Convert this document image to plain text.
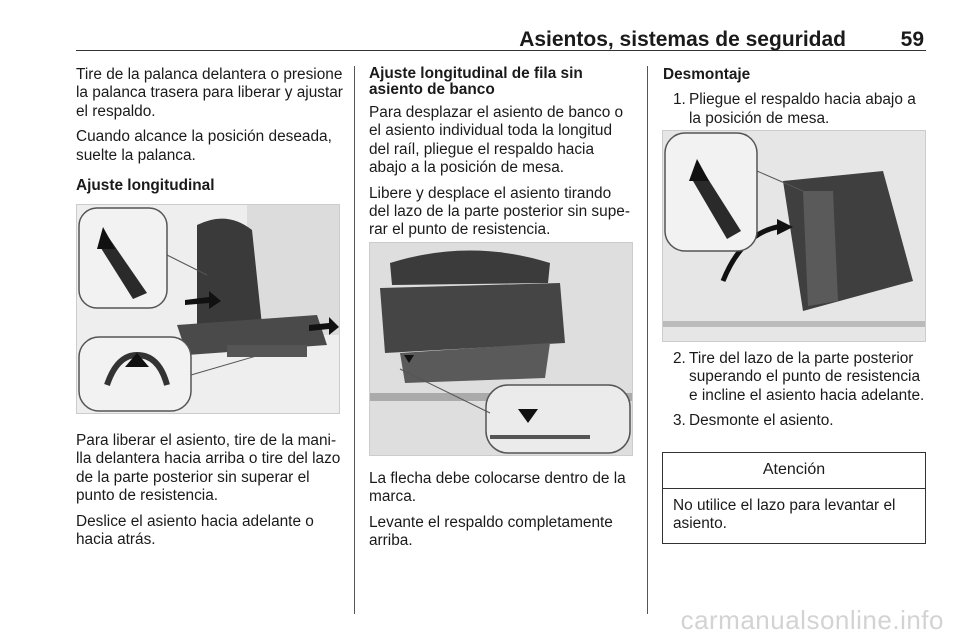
Asientos, sistemas de seguridad	59

Tire de la palanca delantera o presione la palanca trasera para liberar y ajustar el respaldo.

Cuando alcance la posición deseada, suelte la palanca.

Ajuste longitudinal

Para liberar el asiento, tire de la manilla delantera hacia arriba o tire del lazo de la parte posterior sin superar el punto de resistencia.

Deslice el asiento hacia adelante o hacia atrás.

Ajuste longitudinal de fila sin asiento de banco

Para desplazar el asiento de banco o el asiento individual toda la longitud del raíl, pliegue el respaldo hacia abajo a la posición de mesa.

Libere y desplace el asiento tirando del lazo de la parte posterior sin superar el punto de resistencia.

La flecha debe colocarse dentro de la marca.

Levante el respaldo completamente arriba.

Desmontaje

1. Pliegue el respaldo hacia abajo a la posición de mesa.
2. Tire del lazo de la parte posterior superando el punto de resistencia e incline el asiento hacia adelante.
3. Desmonte el asiento.
Atención
No utilice el lazo para levantar el asiento.
carmanualsonline.info
